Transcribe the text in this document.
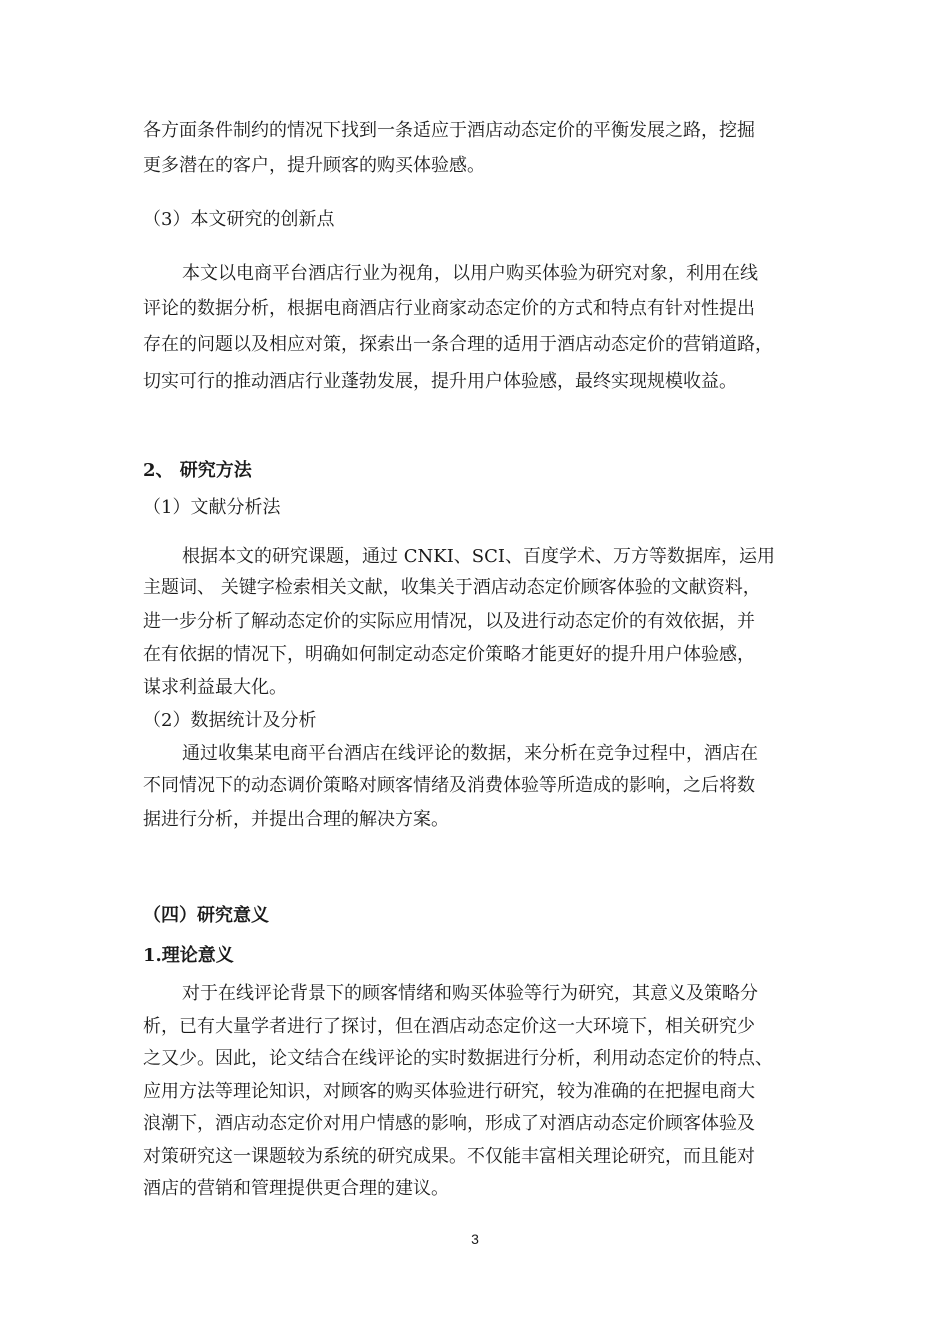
各方面条件制约的情况下找到一条适应于酒店动态定价的平衡发展之路，挖掘
更多潜在的客户，提升顾客的购买体验感。
（3）本文研究的创新点
本文以电商平台酒店行业为视角，以用户购买体验为研究对象，利用在线
评论的数据分析，根据电商酒店行业商家动态定价的方式和特点有针对性提出
存在的问题以及相应对策，探索出一条合理的适用于酒店动态定价的营销道路，
切实可行的推动酒店行业蓬勃发展，提升用户体验感，最终实现规模收益。
2、 研究方法
（1）文献分析法
根据本文的研究课题，通过 CNKI、SCI、百度学术、万方等数据库，运用
主题词、 关键字检索相关文献，收集关于酒店动态定价顾客体验的文献资料，
进一步分析了解动态定价的实际应用情况，以及进行动态定价的有效依据，并
在有依据的情况下，明确如何制定动态定价策略才能更好的提升用户体验感，
谋求利益最大化。
（2）数据统计及分析
通过收集某电商平台酒店在线评论的数据，来分析在竞争过程中，酒店在
不同情况下的动态调价策略对顾客情绪及消费体验等所造成的影响，之后将数
据进行分析，并提出合理的解决方案。
（四）研究意义
1.理论意义
对于在线评论背景下的顾客情绪和购买体验等行为研究，其意义及策略分
析，已有大量学者进行了探讨，但在酒店动态定价这一大环境下，相关研究少
之又少。因此，论文结合在线评论的实时数据进行分析，利用动态定价的特点、
应用方法等理论知识，对顾客的购买体验进行研究，较为准确的在把握电商大
浪潮下，酒店动态定价对用户情感的影响，形成了对酒店动态定价顾客体验及
对策研究这一课题较为系统的研究成果。不仅能丰富相关理论研究，而且能对
酒店的营销和管理提供更合理的建议。
3
